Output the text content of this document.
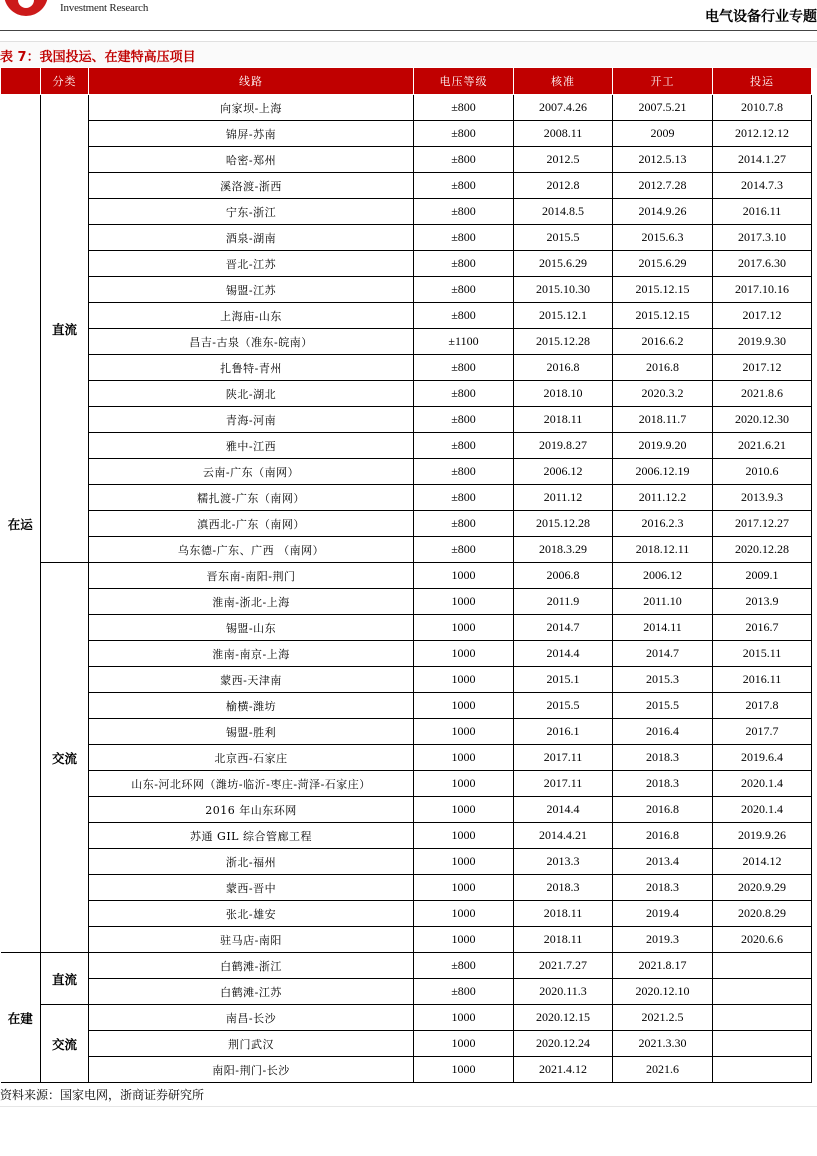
Investment Research
电气设备行业专题
表 7：我国投运、在建特高压项目
	分类	线路	电压等级	核准	开工	投运
在运	直流	向家坝-上海	±800	2007.4.26	2007.5.21	2010.7.8
		锦屏-苏南	±800	2008.11	2009	2012.12.12
		哈密-郑州	±800	2012.5	2012.5.13	2014.1.27
		溪洛渡-浙西	±800	2012.8	2012.7.28	2014.7.3
		宁东-浙江	±800	2014.8.5	2014.9.26	2016.11
		酒泉-湖南	±800	2015.5	2015.6.3	2017.3.10
		晋北-江苏	±800	2015.6.29	2015.6.29	2017.6.30
		锡盟-江苏	±800	2015.10.30	2015.12.15	2017.10.16
		上海庙-山东	±800	2015.12.1	2015.12.15	2017.12
		昌吉-古泉（准东-皖南）	±1100	2015.12.28	2016.6.2	2019.9.30
		扎鲁特-青州	±800	2016.8	2016.8	2017.12
		陕北-湖北	±800	2018.10	2020.3.2	2021.8.6
		青海-河南	±800	2018.11	2018.11.7	2020.12.30
		雅中-江西	±800	2019.8.27	2019.9.20	2021.6.21
		云南-广东（南网）	±800	2006.12	2006.12.19	2010.6
		糯扎渡-广东（南网）	±800	2011.12	2011.12.2	2013.9.3
		滇西北-广东（南网）	±800	2015.12.28	2016.2.3	2017.12.27
		乌东德-广东、广西 （南网）	±800	2018.3.29	2018.12.11	2020.12.28
	交流	晋东南-南阳-荆门	1000	2006.8	2006.12	2009.1
		淮南-浙北-上海	1000	2011.9	2011.10	2013.9
		锡盟-山东	1000	2014.7	2014.11	2016.7
		淮南-南京-上海	1000	2014.4	2014.7	2015.11
		蒙西-天津南	1000	2015.1	2015.3	2016.11
		榆横-潍坊	1000	2015.5	2015.5	2017.8
		锡盟-胜利	1000	2016.1	2016.4	2017.7
		北京西-石家庄	1000	2017.11	2018.3	2019.6.4
		山东-河北环网（潍坊-临沂-枣庄-菏泽-石家庄）	1000	2017.11	2018.3	2020.1.4
		2016 年山东环网	1000	2014.4	2016.8	2020.1.4
		苏通 GIL 综合管廊工程	1000	2014.4.21	2016.8	2019.9.26
		浙北-福州	1000	2013.3	2013.4	2014.12
		蒙西-晋中	1000	2018.3	2018.3	2020.9.29
		张北-雄安	1000	2018.11	2019.4	2020.8.29
		驻马店-南阳	1000	2018.11	2019.3	2020.6.6
在建	直流	白鹤滩-浙江	±800	2021.7.27	2021.8.17	
		白鹤滩-江苏	±800	2020.11.3	2020.12.10	
	交流	南昌-长沙	1000	2020.12.15	2021.2.5	
		荆门武汉	1000	2020.12.24	2021.3.30	
		南阳-荆门-长沙	1000	2021.4.12	2021.6	
资料来源：国家电网，浙商证券研究所
